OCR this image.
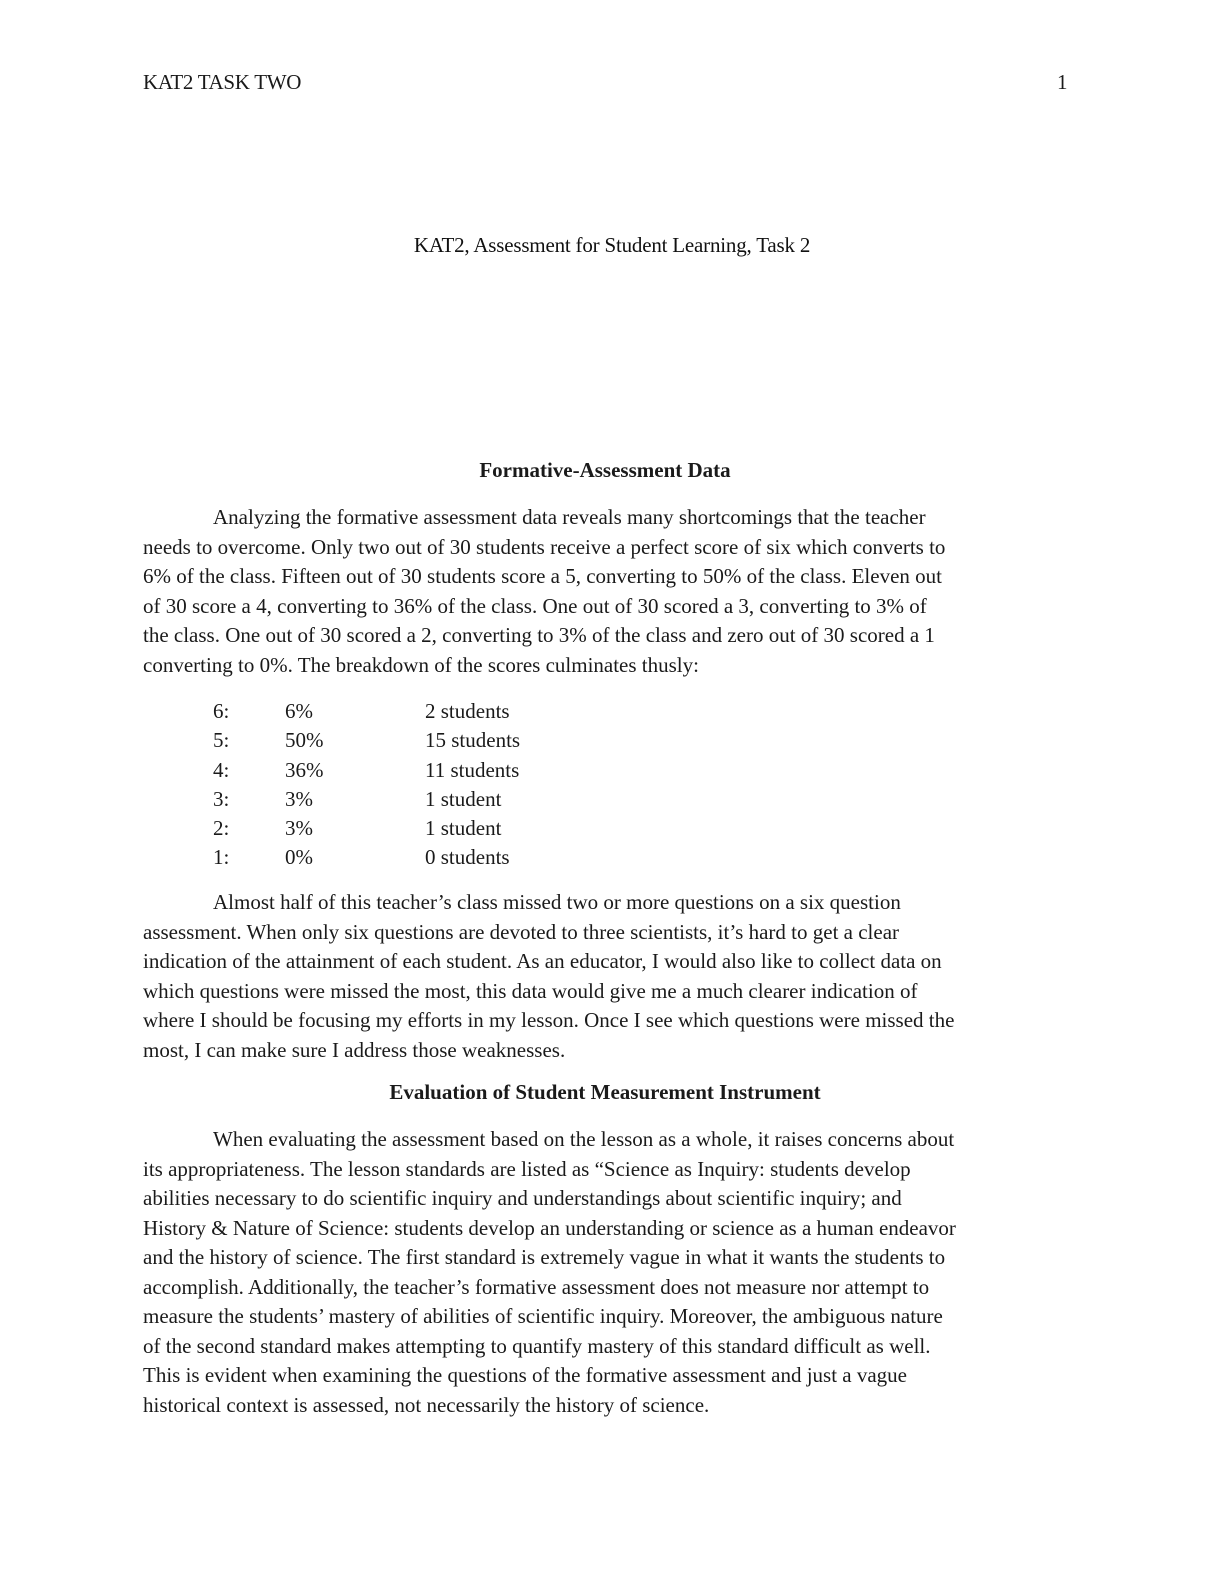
KAT2 TASK TWO	1
KAT2, Assessment for Student Learning, Task 2
Formative-Assessment Data
Analyzing the formative assessment data reveals many shortcomings that the teacher
needs to overcome. Only two out of 30 students receive a perfect score of six which converts to
6% of the class. Fifteen out of 30 students score a 5, converting to 50% of the class. Eleven out
of 30 score a 4, converting to 36% of the class. One out of 30 scored a 3, converting to 3% of
the class. One out of 30 scored a 2, converting to 3% of the class and zero out of 30 scored a 1
converting to 0%. The breakdown of the scores culminates thusly:
6:	6%	2 students
5:	50%	15 students
4:	36%	11 students
3:	3%	1 student
2:	3%	1 student
1:	0%	0 students
Almost half of this teacher’s class missed two or more questions on a six question
assessment. When only six questions are devoted to three scientists, it’s hard to get a clear
indication of the attainment of each student. As an educator, I would also like to collect data on
which questions were missed the most, this data would give me a much clearer indication of
where I should be focusing my efforts in my lesson. Once I see which questions were missed the
most, I can make sure I address those weaknesses.
Evaluation of Student Measurement Instrument
When evaluating the assessment based on the lesson as a whole, it raises concerns about
its appropriateness. The lesson standards are listed as “Science as Inquiry: students develop
abilities necessary to do scientific inquiry and understandings about scientific inquiry; and
History & Nature of Science: students develop an understanding or science as a human endeavor
and the history of science. The first standard is extremely vague in what it wants the students to
accomplish. Additionally, the teacher’s formative assessment does not measure nor attempt to
measure the students’ mastery of abilities of scientific inquiry. Moreover, the ambiguous nature
of the second standard makes attempting to quantify mastery of this standard difficult as well.
This is evident when examining the questions of the formative assessment and just a vague
historical context is assessed, not necessarily the history of science.
